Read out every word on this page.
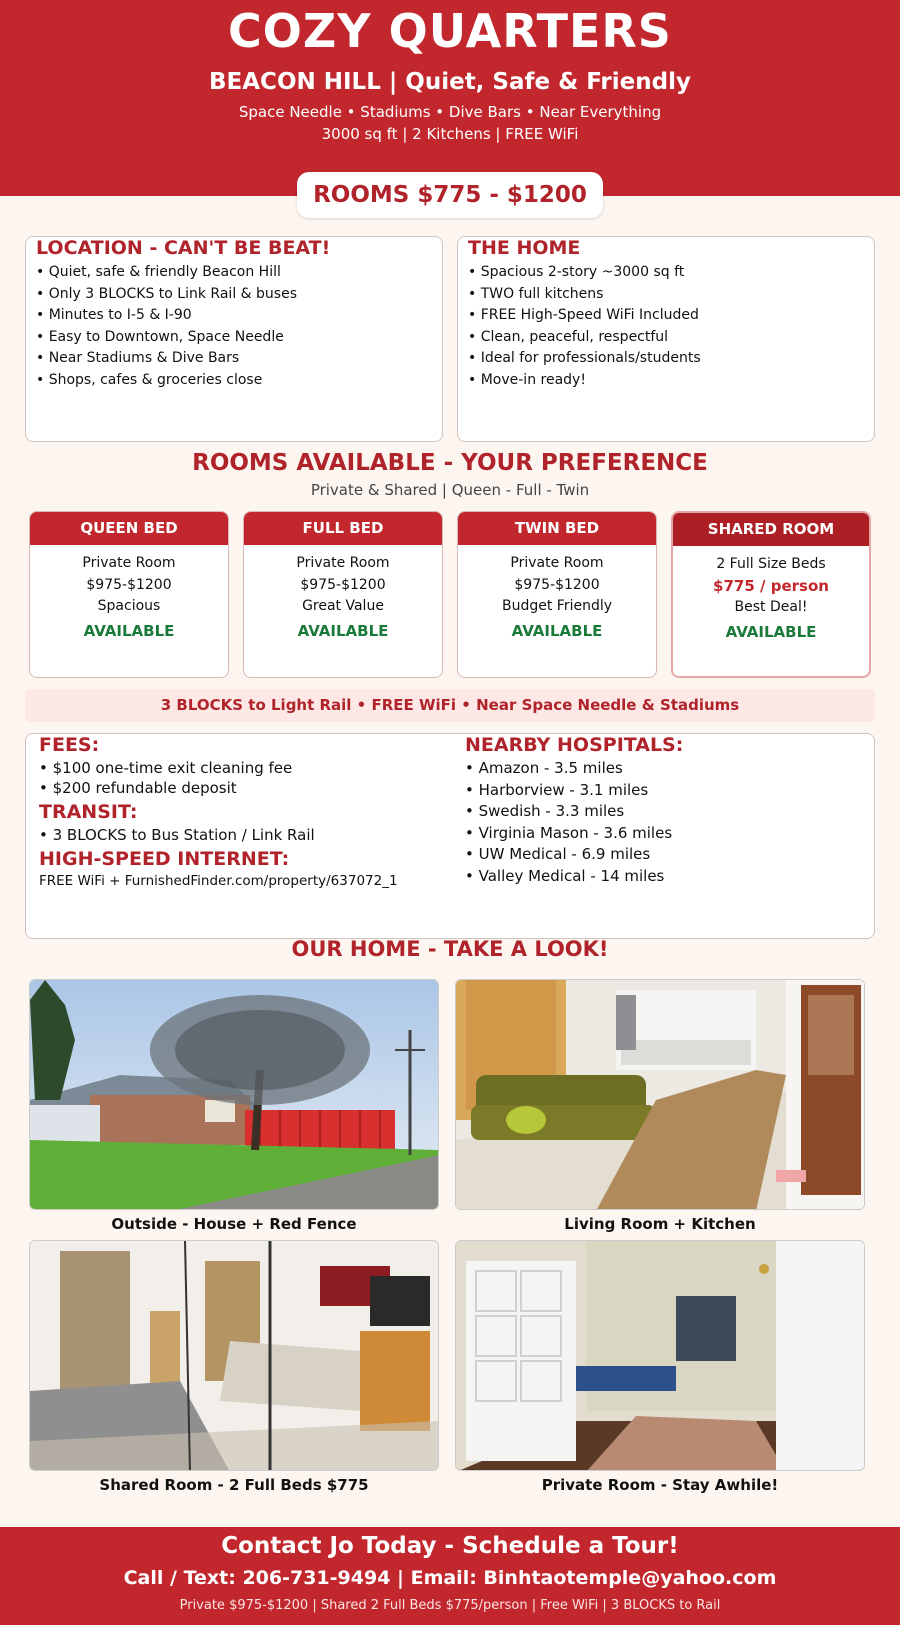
COZY QUARTERS
BEACON HILL | Quiet, Safe & Friendly
Space Needle • Stadiums • Dive Bars • Near Everything
3000 sq ft | 2 Kitchens | FREE WiFi
ROOMS $775 - $1200
LOCATION - CAN'T BE BEAT!
• Quiet, safe & friendly Beacon Hill
• Only 3 BLOCKS to Link Rail & buses
• Minutes to I-5 & I-90
• Easy to Downtown, Space Needle
• Near Stadiums & Dive Bars
• Shops, cafes & groceries close
THE HOME
• Spacious 2-story ~3000 sq ft
• TWO full kitchens
• FREE High-Speed WiFi Included
• Clean, peaceful, respectful
• Ideal for professionals/students
• Move-in ready!
ROOMS AVAILABLE - YOUR PREFERENCE
Private & Shared | Queen - Full - Twin
QUEEN BED
Private Room
$975-$1200
Spacious
AVAILABLE
FULL BED
Private Room
$975-$1200
Great Value
AVAILABLE
TWIN BED
Private Room
$975-$1200
Budget Friendly
AVAILABLE
SHARED ROOM
2 Full Size Beds
$775 / person
Best Deal!
AVAILABLE
3 BLOCKS to Light Rail • FREE WiFi • Near Space Needle & Stadiums
FEES:
• $100 one-time exit cleaning fee
• $200 refundable deposit
TRANSIT:
• 3 BLOCKS to Bus Station / Link Rail
HIGH-SPEED INTERNET:
FREE WiFi + FurnishedFinder.com/property/637072_1
NEARBY HOSPITALS:
• Amazon - 3.5 miles
• Harborview - 3.1 miles
• Swedish - 3.3 miles
• Virginia Mason - 3.6 miles
• UW Medical - 6.9 miles
• Valley Medical - 14 miles
OUR HOME - TAKE A LOOK!
Outside - House + Red Fence	Living Room + Kitchen
Shared Room - 2 Full Beds $775	Private Room - Stay Awhile!
Contact Jo Today - Schedule a Tour!
Call / Text: 206-731-9494 | Email: Binhtaotemple@yahoo.com
Private $975-$1200 | Shared 2 Full Beds $775/person | Free WiFi | 3 BLOCKS to Rail
